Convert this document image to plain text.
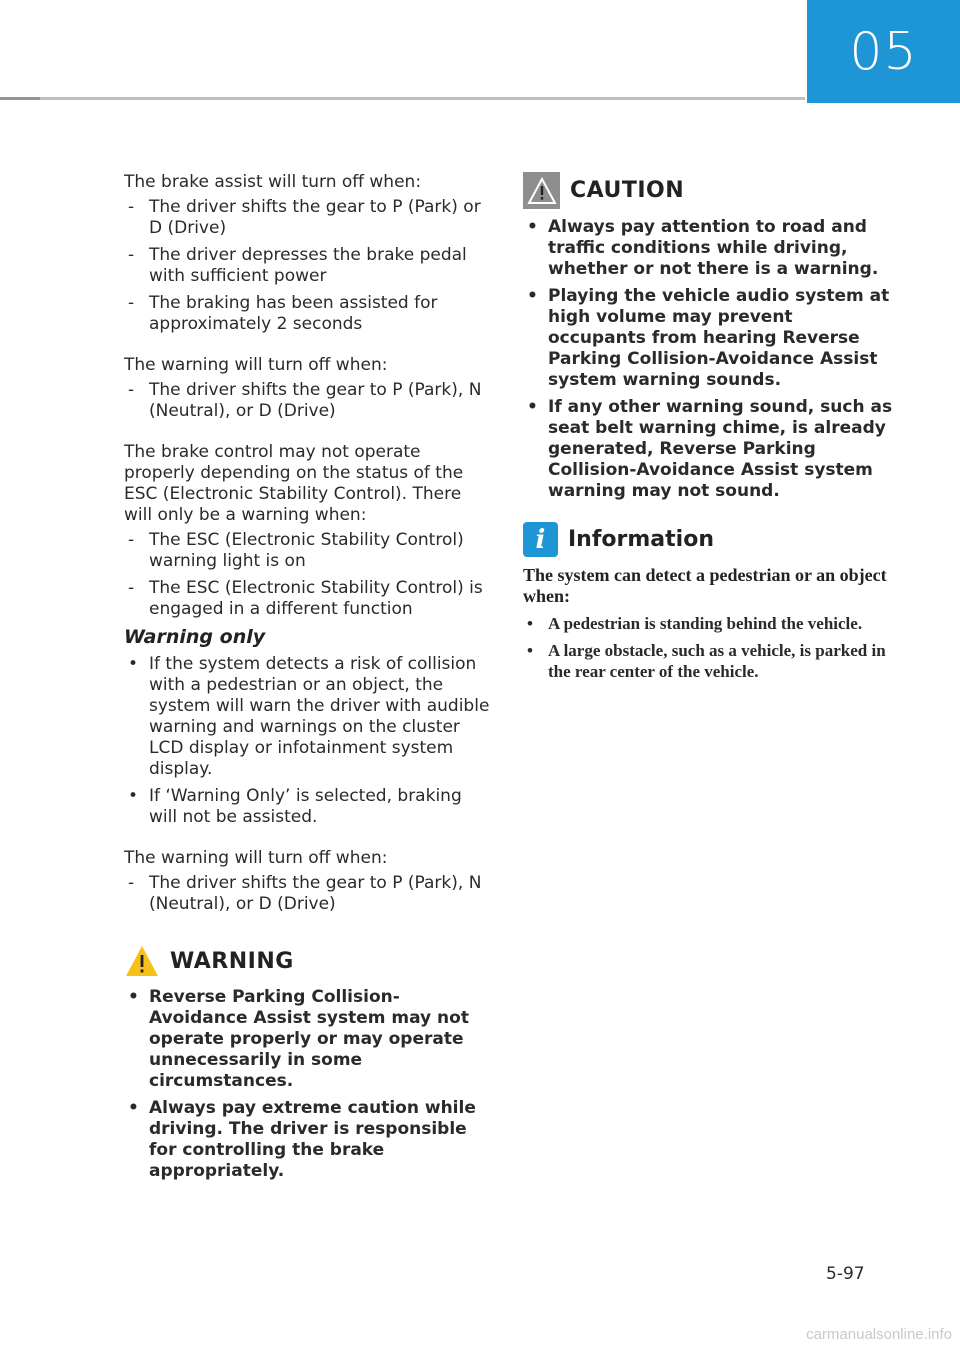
05

The brake assist will turn off when:

- The driver shifts the gear to P (Park) or D (Drive)
- The driver depresses the brake pedal with sufficient power
- The braking has been assisted for approximately 2 seconds

The warning will turn off when:

- The driver shifts the gear to P (Park), N (Neutral), or D (Drive)

The brake control may not operate properly depending on the status of the ESC (Electronic Stability Control). There will only be a warning when:

- The ESC (Electronic Stability Control) warning light is on
- The ESC (Electronic Stability Control) is engaged in a different function
Warning only
• If the system detects a risk of collision with a pedestrian or an object, the system will warn the driver with audible warning and warnings on the cluster LCD display or infotainment system display.
• If ‘Warning Only’ is selected, braking will not be assisted.

The warning will turn off when:

- The driver shifts the gear to P (Park), N (Neutral), or D (Drive)
WARNING
• Reverse Parking Collision-Avoidance Assist system may not operate properly or may operate unnecessarily in some circumstances.
• Always pay extreme caution while driving. The driver is responsible for controlling the brake appropriately.
CAUTION
• Always pay attention to road and traffic conditions while driving, whether or not there is a warning.
• Playing the vehicle audio system at high volume may prevent occupants from hearing Reverse Parking Collision-Avoidance Assist system warning sounds.
• If any other warning sound, such as seat belt warning chime, is already generated, Reverse Parking Collision-Avoidance Assist system warning may not sound.
i	Information

The system can detect a pedestrian or an object when:

• A pedestrian is standing behind the vehicle.
• A large obstacle, such as a vehicle, is parked in the rear center of the vehicle.
5-97
carmanualsonline.info
